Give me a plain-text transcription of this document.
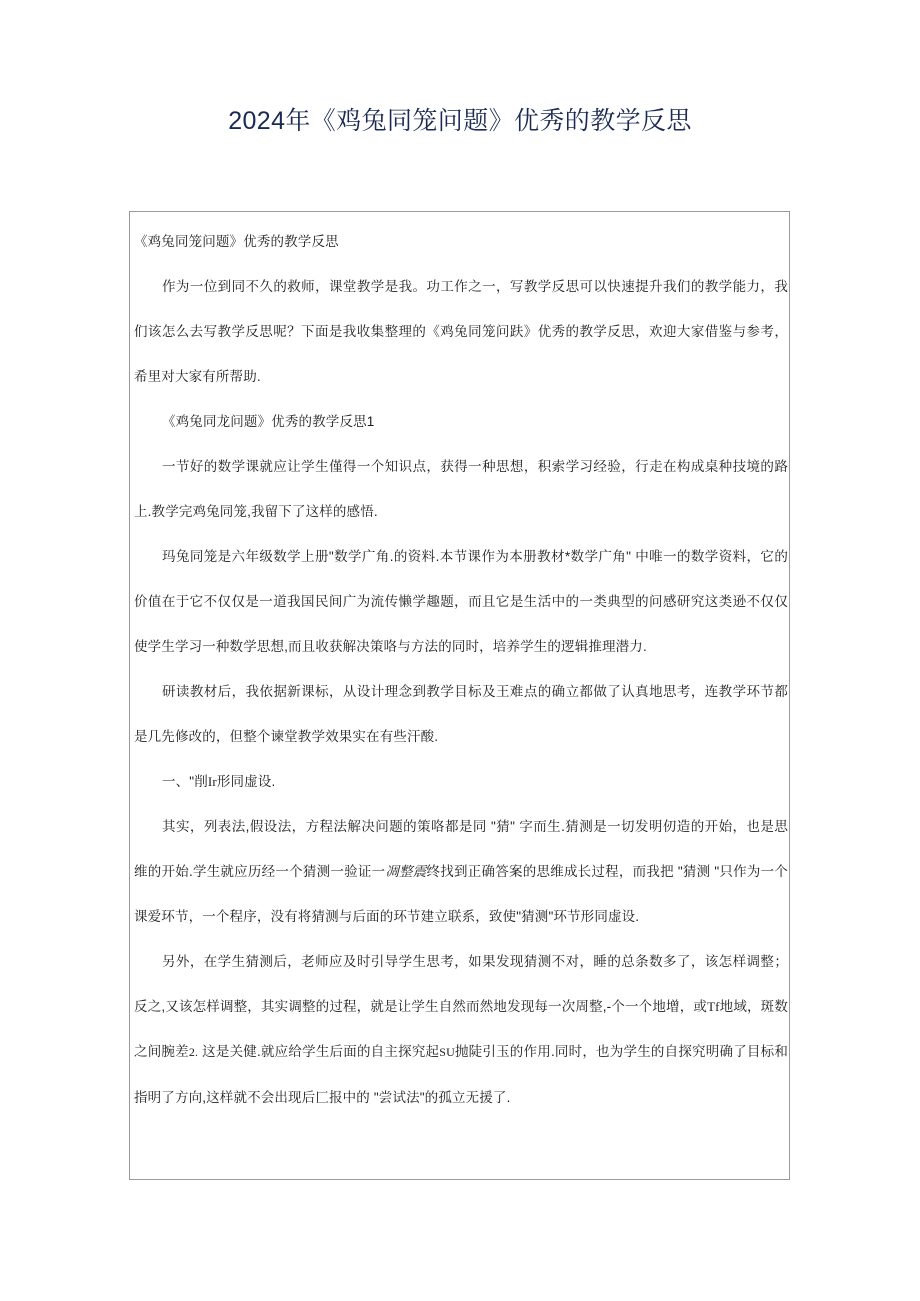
2024年《鸡兔同笼问题》优秀的教学反思
《鸡兔同笼问题》优秀的教学反思
作为一位到同不久的救师，课堂教学是我。功工作之一，写教学反思可以快速提升我们的教学能力，我们该怎么去写教学反思呢？下面是我收集整理的《鸡兔同笼问趺》优秀的教学反思，欢迎大家借鉴与参考，希里对大家有所帮助.
《鸡兔同龙问题》优秀的教学反思1
一节好的数学课就应让学生僅得一个知识点，获得一种思想，积索学习经验，行走在构成桌种技境的路上.教学完鸡兔同笼,我留下了这样的感悟.
玛兔同笼是六年级数学上册"数学广角.的资料.本节课作为本册教材*数学广角" 中唯一的数学资料，它的价值在于它不仅仅是一道我国民间广为流传懒学趣题，而且它是生活中的一类典型的问感研究这类逊不仅仅使学生学习一种数学思想,而且收获解决策咯与方法的同时，培养学生的逻辑推理潜力.
研读教材后，我依据新课标，从设计理念到教学目标及王难点的确立都做了认真地思考，连教学环节都是几先修改的，但整个谏堂教学效果实在有些汗酸.
一、"削Ir形同虚设.
其实，列表法,假设法，方程法解决问题的策咯都是同 "猜" 字而生.猜测是一切发明仞造的开始，也是思维的开始.学生就应历经一个猜测一验证一凋整震终找到正确答案的思维成长过程，而我把 "猜测 "只作为一个课爱环节，一个程序，没有将猜测与后面的环节建立联系，致使"猜测"环节形同虚设.
另外，在学生猜测后，老师应及时引导学生思考，如果发现猜测不对，睡的总条数多了，该怎样调整；反之,又该怎样调整，其实调整的过程，就是让学生自然而然地发现每一次周整,-个一个地增，或Tf地域，斑数之间腕差2. 这是关健.就应给学生后面的自主探究起SU抛陡引玉的作用.同时，也为学生的自探究明确了目标和指明了方向,这样就不会出现后匚报中的 "尝试法"的孤立无援了.
